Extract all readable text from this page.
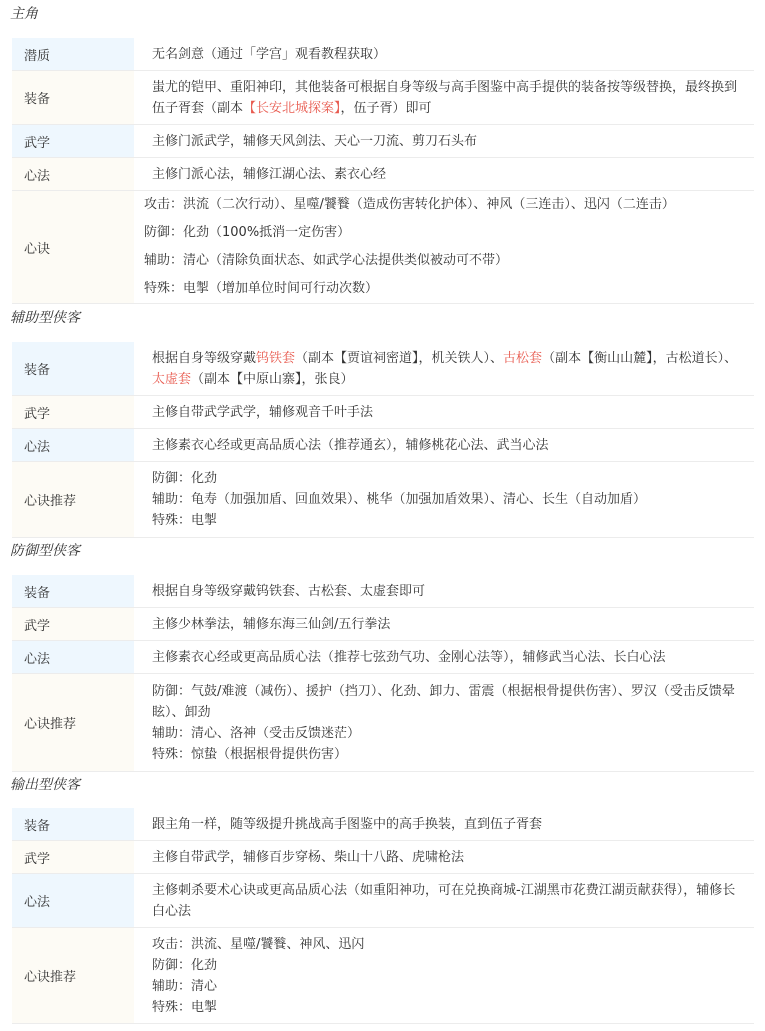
主角
潜质	无名剑意（通过「学宫」观看教程获取）

装备	蚩尤的铠甲、重阳神印，其他装备可根据自身等级与高手图鉴中高手提供的装备按等级替换，最终换到伍子胥套（副本【长安北城探案】，伍子胥）即可

武学	主修门派武学，辅修天风剑法、天心一刀流、剪刀石头布

心法	主修门派心法，辅修江湖心法、素衣心经

心诀	攻击：洪流（二次行动）、星噬/饕餮（造成伤害转化护体）、神风（三连击）、迅闪（二连击）
防御：化劲（100%抵消一定伤害）
辅助：清心（清除负面状态、如武学心法提供类似被动可不带）
特殊：电掣（增加单位时间可行动次数）
辅助型侠客
装备	根据自身等级穿戴钨铁套（副本【贾谊祠密道】，机关铁人）、古松套（副本【衡山山麓】，古松道长）、太虚套（副本【中原山寨】，张良）

武学	主修自带武学武学，辅修观音千叶手法

心法	主修素衣心经或更高品质心法（推荐通玄），辅修桃花心法、武当心法

心诀推荐	防御：化劲
辅助：龟寿（加强加盾、回血效果）、桃华（加强加盾效果）、清心、长生（自动加盾）
特殊：电掣
防御型侠客
装备	根据自身等级穿戴钨铁套、古松套、太虚套即可

武学	主修少林拳法，辅修东海三仙剑/五行拳法

心法	主修素衣心经或更高品质心法（推荐七弦劲气功、金刚心法等），辅修武当心法、长白心法

心诀推荐	防御：气鼓/难渡（减伤）、援护（挡刀）、化劲、卸力、雷震（根据根骨提供伤害）、罗汉（受击反馈晕眩）、卸劲
辅助：清心、洛神（受击反馈迷茫）
特殊：惊蛰（根据根骨提供伤害）
输出型侠客
装备	跟主角一样，随等级提升挑战高手图鉴中的高手换装，直到伍子胥套

武学	主修自带武学，辅修百步穿杨、柴山十八路、虎啸枪法

心法	主修刺杀要术心诀或更高品质心法（如重阳神功，可在兑换商城-江湖黑市花费江湖贡献获得），辅修长白心法

心诀推荐	攻击：洪流、星噬/饕餮、神风、迅闪
防御：化劲
辅助：清心
特殊：电掣
